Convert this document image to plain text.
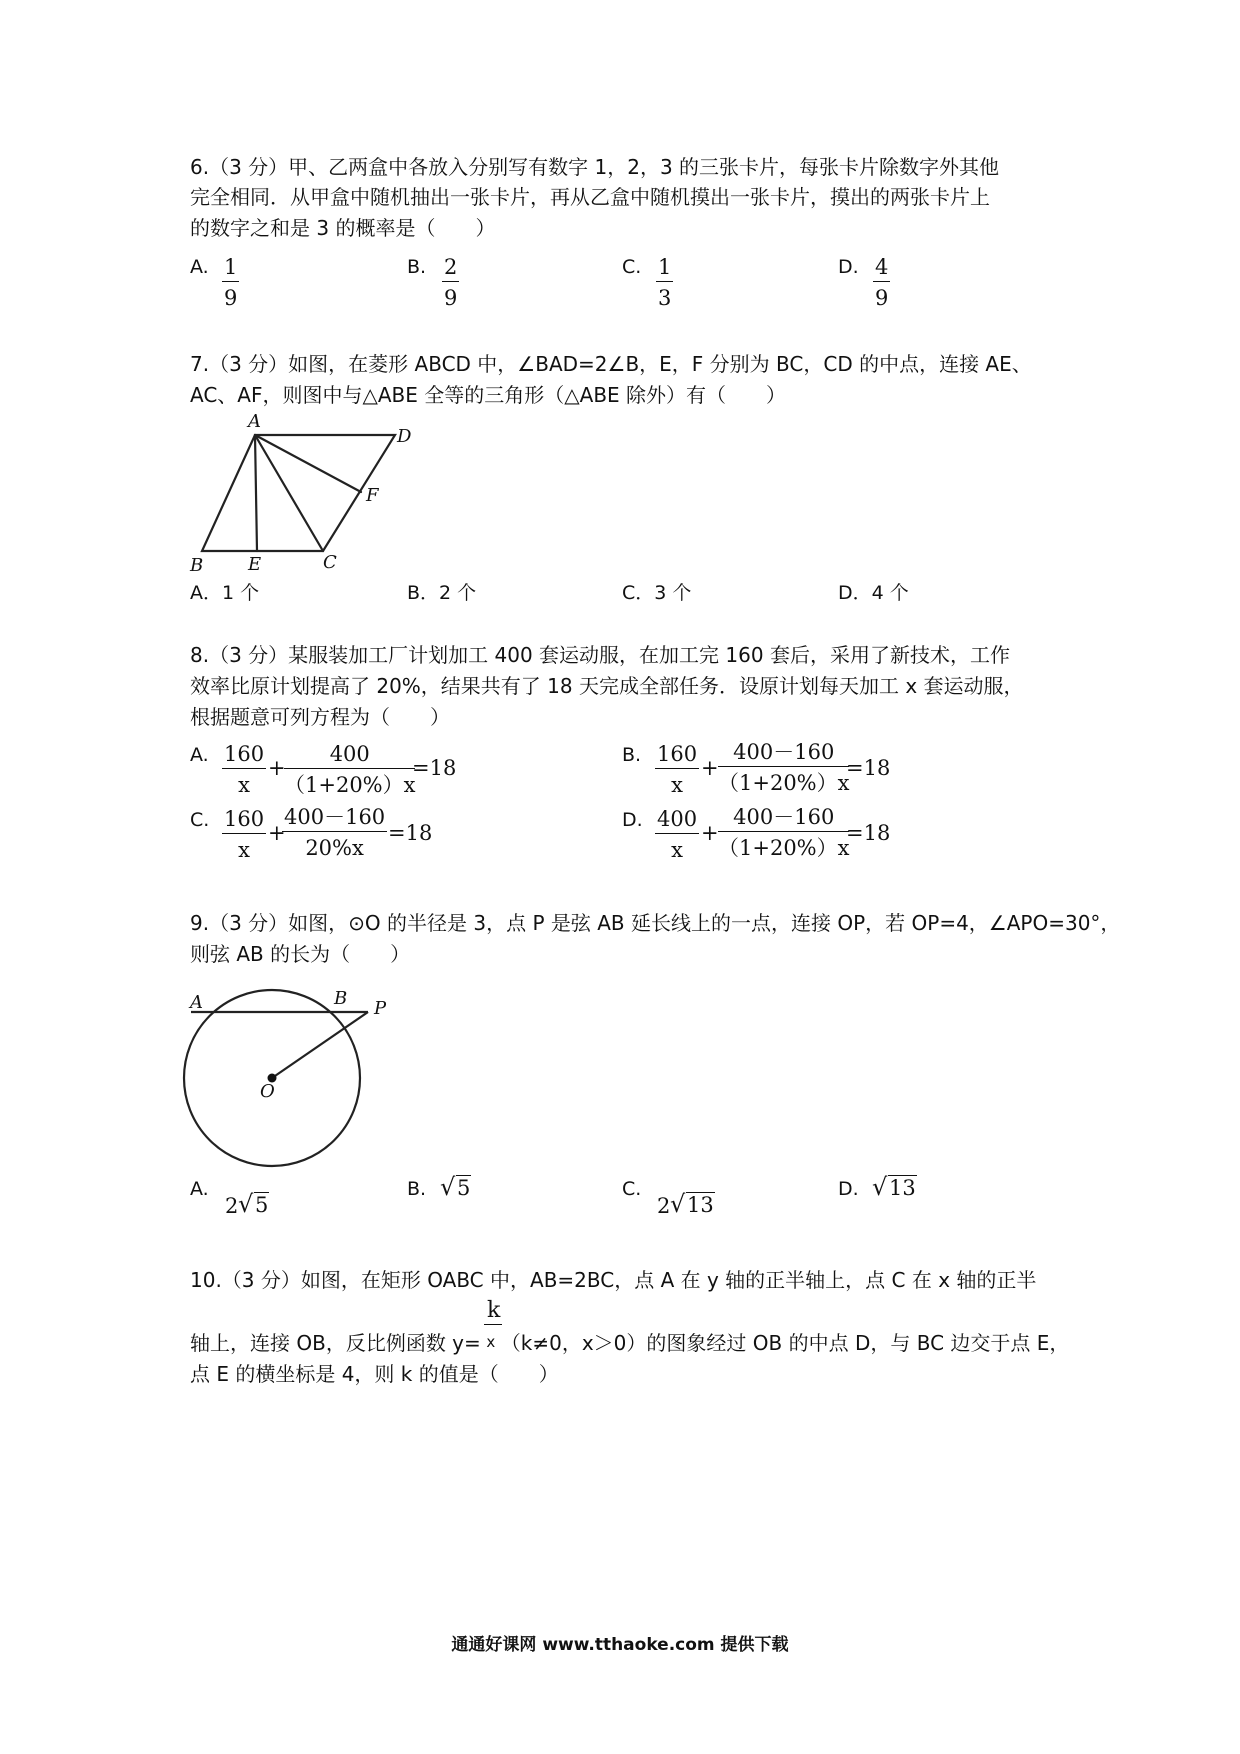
6.（3 分）甲、乙两盒中各放入分别写有数字 1，2，3 的三张卡片，每张卡片除数字外其他
完全相同．从甲盒中随机抽出一张卡片，再从乙盒中随机摸出一张卡片，摸出的两张卡片上
的数字之和是 3 的概率是（　　）
A. 1
9
B. 2
9
C. 1
3
D. 4
9
7.（3 分）如图，在菱形 ABCD 中，∠BAD=2∠B，E，F 分别为 BC，CD 的中点，连接 AE、
AC、AF，则图中与△ABE 全等的三角形（△ABE 除外）有（　　）
A
D
F
B E	C
A．1 个	B．2 个	C．3 个	D．4 个
8.（3 分）某服装加工厂计划加工 400 套运动服，在加工完 160 套后，采用了新技术，工作
效率比原计划提高了 20%，结果共有了 18 天完成全部任务．设原计划每天加工 x 套运动服，
根据题意可列方程为（　　）
A. 160
x
+
400
（1+20%）x
=18
B. 160
x
+
400－160
（1+20%）x
=18
C. 160
x
+
400－160
20%x
=18
D. 400
x
+
400－160
（1+20%）x
=18
9.（3 分）如图，⊙O 的半径是 3，点 P 是弦 AB 延长线上的一点，连接 OP，若 OP=4，∠APO=30°，
则弦 AB 的长为（　　）
A	B P
O
A.
2 √ 5
B. √ 5	C.
2 √ 13
D. √ 13
10.（3 分）如图，在矩形 OABC 中，AB=2BC，点 A 在 y 轴的正半轴上，点 C 在 x 轴的正半
k
轴上，连接 OB，反比例函数 y= x （k≠0，x＞0）的图象经过 OB 的中点 D，与 BC 边交于点 E，
点 E 的横坐标是 4，则 k 的值是（　　）
通通好课网 www.tthaoke.com 提供下载
